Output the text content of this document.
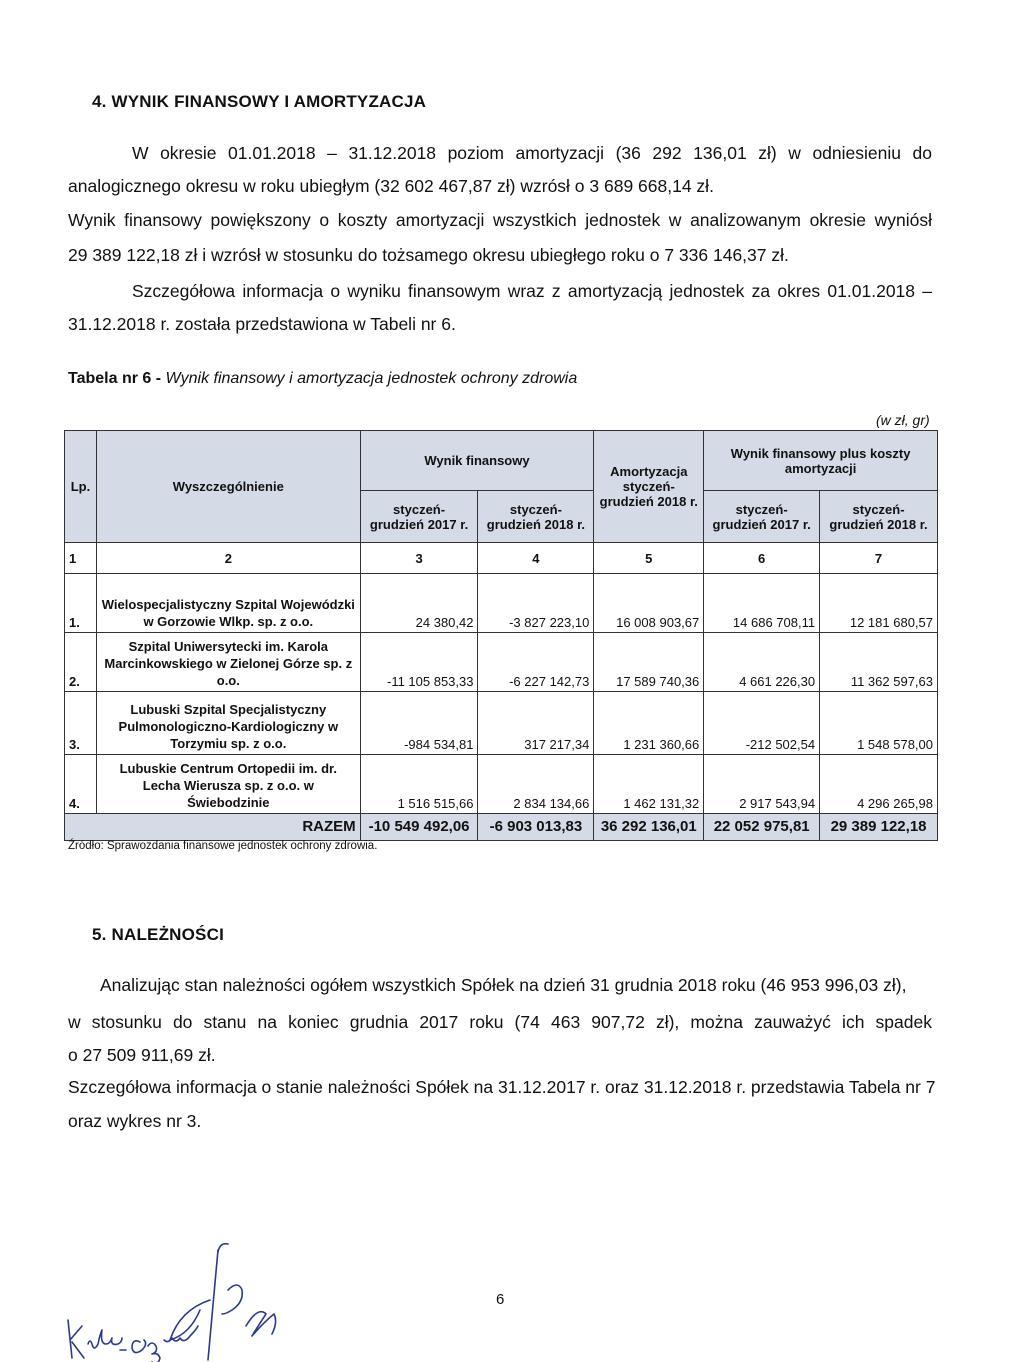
4. WYNIK FINANSOWY I AMORTYZACJA
W okresie 01.01.2018 – 31.12.2018 poziom amortyzacji (36 292 136,01 zł) w odniesieniu do
analogicznego okresu w roku ubiegłym (32 602 467,87 zł) wzrósł o 3 689 668,14 zł.
Wynik finansowy powiększony o koszty amortyzacji wszystkich jednostek w analizowanym okresie wyniósł
29 389 122,18 zł i wzrósł w stosunku do tożsamego okresu ubiegłego roku o 7 336 146,37 zł.
Szczegółowa informacja o wyniku finansowym wraz z amortyzacją jednostek za okres 01.01.2018 –
31.12.2018 r. została przedstawiona w Tabeli nr 6.
Tabela nr 6 - Wynik finansowy i amortyzacja jednostek ochrony zdrowia
(w zł, gr)
Lp.	Wyszczególnienie	Wynik finansowy		Amortyzacja styczeń- grudzień 2018 r.	Wynik finansowy plus koszty amortyzacji	
		styczeń- grudzień 2017 r.	styczeń- grudzień 2018 r.		styczeń- grudzień 2017 r.	styczeń- grudzień 2018 r.
1	2	3	4	5	6	7
1.	Wielospecjalistyczny Szpital Wojewódzki w Gorzowie Wlkp. sp. z o.o.	24 380,42	-3 827 223,10	16 008 903,67	14 686 708,11	12 181 680,57
2.	Szpital Uniwersytecki im. Karola Marcinkowskiego w Zielonej Górze sp. z o.o.	-11 105 853,33	-6 227 142,73	17 589 740,36	4 661 226,30	11 362 597,63
3.	Lubuski Szpital Specjalistyczny Pulmonologiczno-Kardiologiczny w Torzymiu sp. z o.o.	-984 534,81	317 217,34	1 231 360,66	-212 502,54	1 548 578,00
4.	Lubuskie Centrum Ortopedii im. dr. Lecha Wierusza sp. z o.o. w Świebodzinie	1 516 515,66	2 834 134,66	1 462 131,32	2 917 543,94	4 296 265,98
RAZEM		-10 549 492,06	-6 903 013,83	36 292 136,01	22 052 975,81	29 389 122,18
Źródło: Sprawozdania finansowe jednostek ochrony zdrowia.
5. NALEŻNOŚCI
Analizując stan należności ogółem wszystkich Spółek na dzień 31 grudnia 2018 roku (46 953 996,03 zł),
w stosunku do stanu na koniec grudnia 2017 roku (74 463 907,72 zł), można zauważyć ich spadek
o 27 509 911,69 zł.
Szczegółowa informacja o stanie należności Spółek na 31.12.2017 r. oraz 31.12.2018 r. przedstawia Tabela nr 7
oraz wykres nr 3.
6
